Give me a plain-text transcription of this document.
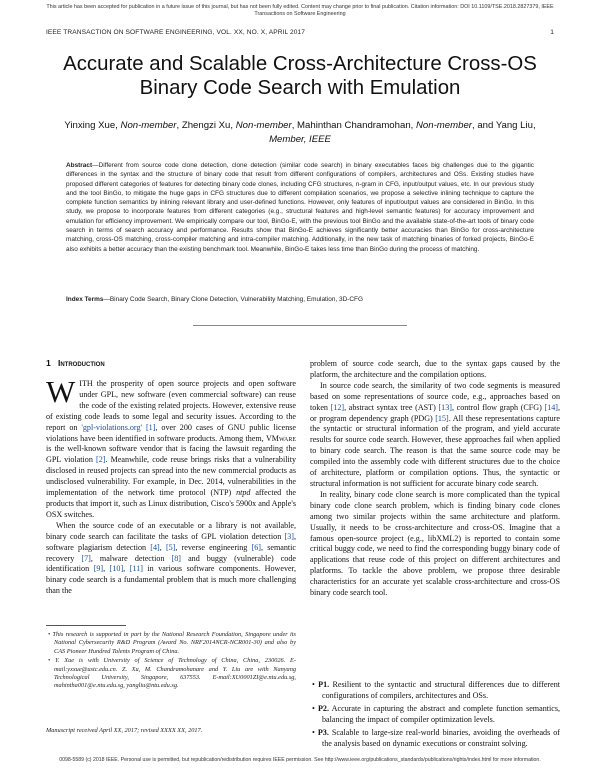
This article has been accepted for publication in a future issue of this journal, but has not been fully edited. Content may change prior to final publication. Citation information: DOI 10.1109/TSE.2018.2827379, IEEE Transactions on Software Engineering
IEEE TRANSACTION ON SOFTWARE ENGINEERING, VOL. XX, NO. X, APRIL 2017	1
Accurate and Scalable Cross-Architecture Cross-OS Binary Code Search with Emulation
Yinxing Xue, Non-member, Zhengzi Xu, Non-member, Mahinthan Chandramohan, Non-member, and Yang Liu, Member, IEEE
Abstract—Different from source code clone detection, clone detection (similar code search) in binary executables faces big challenges due to the gigantic differences in the syntax and the structure of binary code that result from different configurations of compilers, architectures and OSs. Existing studies have proposed different categories of features for detecting binary code clones, including CFG structures, n-gram in CFG, input/output values, etc. In our previous study and the tool BinGo, to mitigate the huge gaps in CFG structures due to different compilation scenarios, we propose a selective inlining technique to capture the complete function semantics by inlining relevant library and user-defined functions. However, only features of input/output values are considered in BinGo. In this study, we propose to incorporate features from different categories (e.g., structural features and high-level semantic features) for accuracy improvement and emulation for efficiency improvement. We empirically compare our tool, BinGo-E, with the previous tool BinGo and the available state-of-the-art tools of binary code search in terms of search accuracy and performance. Results show that BinGo-E achieves significantly better accuracies than BinGo for cross-architecture matching, cross-OS matching, cross-compiler matching and intra-compiler matching. Additionally, in the new task of matching binaries of forked projects, BinGo-E also exhibits a better accuracy than the existing benchmark tool. Meanwhile, BinGo-E takes less time than BinGo during the process of matching.
Index Terms—Binary Code Search, Binary Clone Detection, Vulnerability Matching, Emulation, 3D-CFG
1 Introduction

WITH the prosperity of open source projects and open software under GPL, new software (even commercial software) can reuse the code of the existing related projects. However, extensive reuse of existing code leads to some legal and security issues. According to the report on 'gpl-violations.org' [1], over 200 cases of GNU public license violations have been identified in software products. Among them, VMware is the well-known software vendor that is facing the lawsuit regarding the GPL violation [2]. Meanwhile, code reuse brings risks that a vulnerability disclosed in reused projects can spread into the new commercial products as undisclosed vulnerability. For example, in Dec. 2014, vulnerabilities in the implementation of the network time protocol (NTP) ntpd affected the products that import it, such as Linux distribution, Cisco's 5900x and Apple's OSX switches.

When the source code of an executable or a library is not available, binary code search can facilitate the tasks of GPL violation detection [3], software plagiarism detection [4], [5], reverse engineering [6], semantic recovery [7], malware detection [8] and buggy (vulnerable) code identification [9], [10], [11] in various software components. However, binary code search is a fundamental problem that is much more challenging than the

• This research is supported in part by the National Research Foundation, Singapore under its National Cybersecurity R&D Program (Award No. NRF2014NCR-NCR001-30) and also by CAS Pioneer Hundred Talents Program of China.
• Y. Xue is with University of Science of Technology of China, China, 230026. E-mail:yxxue@ustc.edu.cn. Z. Xu, M. Chandramohanare and Y. Liu are with Nanyang Technological University, Singapore, 637553. E-mail:XU0001ZI@e.ntu.edu.sg, mahintha001@e.ntu.edu.sg, yangliu@ntu.edu.sg.
Manuscript received April XX, 2017; revised XXXX XX, 2017.

problem of source code search, due to the syntax gaps caused by the platform, the architecture and the compilation options.

In source code search, the similarity of two code segments is measured based on some representations of source code, e.g., approaches based on token [12], abstract syntax tree (AST) [13], control flow graph (CFG) [14], or program dependency graph (PDG) [15]. All these representations capture the syntactic or structural information of the program, and yield accurate results for source code search. However, these approaches fail when applied to binary code search. The reason is that the same source code may be compiled into the assembly code with different structures due to the choice of architecture, platform or compilation options. Thus, the syntactic or structural information is not sufficient for accurate binary code search.

In reality, binary code clone search is more complicated than the typical binary code clone search problem, which is finding binary code clones among two similar projects within the same architecture and platform. Usually, it needs to be cross-architecture and cross-OS. Imagine that a famous open-source project (e.g., libXML2) is reported to contain some critical buggy code, we need to find the corresponding buggy binary code of applications that reuse code of this project on different architectures and platforms. To tackle the above problem, we propose three desirable characteristics for an accurate yet scalable cross-architecture and cross-OS binary code search tool.

• P1. Resilient to the syntactic and structural differences due to different configurations of compilers, architectures and OSs.
• P2. Accurate in capturing the abstract and complete function semantics, balancing the impact of compiler optimization levels.
• P3. Scalable to large-size real-world binaries, avoiding the overheads of the analysis based on dynamic executions or constraint solving.
0098-5589 (c) 2018 IEEE. Personal use is permitted, but republication/redistribution requires IEEE permission. See http://www.ieee.org/publications_standards/publications/rights/index.html for more information.
